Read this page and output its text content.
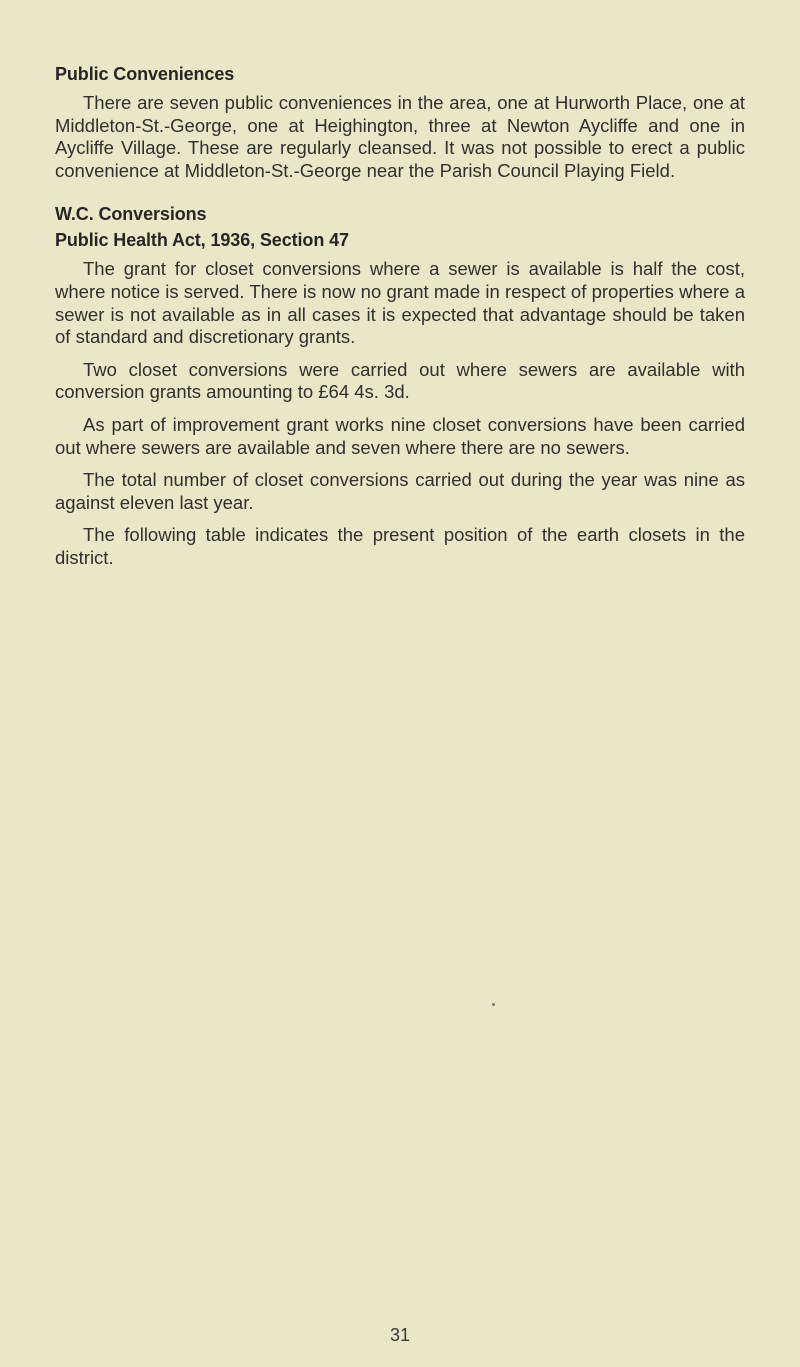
Public Conveniences

There are seven public conveniences in the area, one at Hurworth Place, one at Middleton-St.-George, one at Heighington, three at Newton Aycliffe and one in Aycliffe Village. These are regularly cleansed. It was not possible to erect a public convenience at Middleton-St.-George near the Parish Council Playing Field.

W.C. Conversions
Public Health Act, 1936, Section 47

The grant for closet conversions where a sewer is available is half the cost, where notice is served. There is now no grant made in respect of properties where a sewer is not available as in all cases it is expected that advantage should be taken of standard and discretionary grants.

Two closet conversions were carried out where sewers are available with conversion grants amounting to £64 4s. 3d.

As part of improvement grant works nine closet conversions have been carried out where sewers are available and seven where there are no sewers.

The total number of closet conversions carried out during the year was nine as against eleven last year.

The following table indicates the present position of the earth closets in the district.

31
